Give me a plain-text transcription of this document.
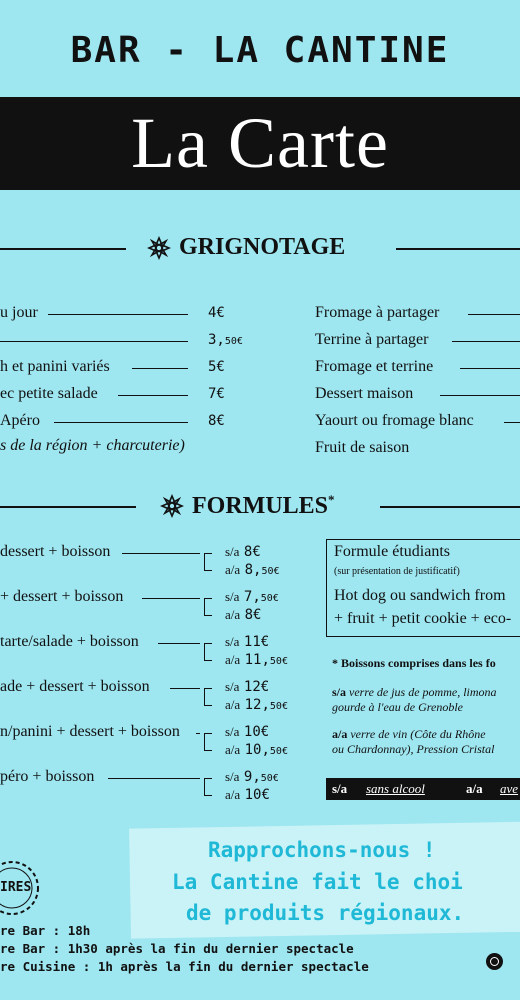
BAR - LA CANTINE
La Carte
GRIGNOTAGE
u jour	4€
3,50€
h et panini variés	5€
ec petite salade	7€
Apéro	8€
s de la région + charcuterie)
Fromage à partager
Terrine à partager
Fromage et terrine
Dessert maison
Yaourt ou fromage blanc
Fruit de saison
FORMULES*
dessert + boisson	s/a 8€
a/a 8,50€
+ dessert + boisson	s/a 7,50€
a/a 8€
tarte/salade + boisson	s/a 11€
a/a 11,50€
ade + dessert + boisson	s/a 12€
a/a 12,50€
n/panini + dessert + boisson	s/a 10€
a/a 10,50€
péro + boisson	s/a 9,50€
a/a 10€
Formule étudiants
(sur présentation de justificatif)
Hot dog ou sandwich from
+ fruit + petit cookie + eco-
* Boissons comprises dans les fo
s/a verre de jus de pomme, limona
gourde à l'eau de Grenoble
a/a verre de vin (Côte du Rhône
ou Chardonnay), Pression Cristal
s/a sans alcool	a/a ave
Rapprochons-nous !
La Cantine fait le choi
de produits régionaux.
IRES
re Bar : 18h
re Bar : 1h30 après la fin du dernier spectacle
re Cuisine : 1h après la fin du dernier spectacle
